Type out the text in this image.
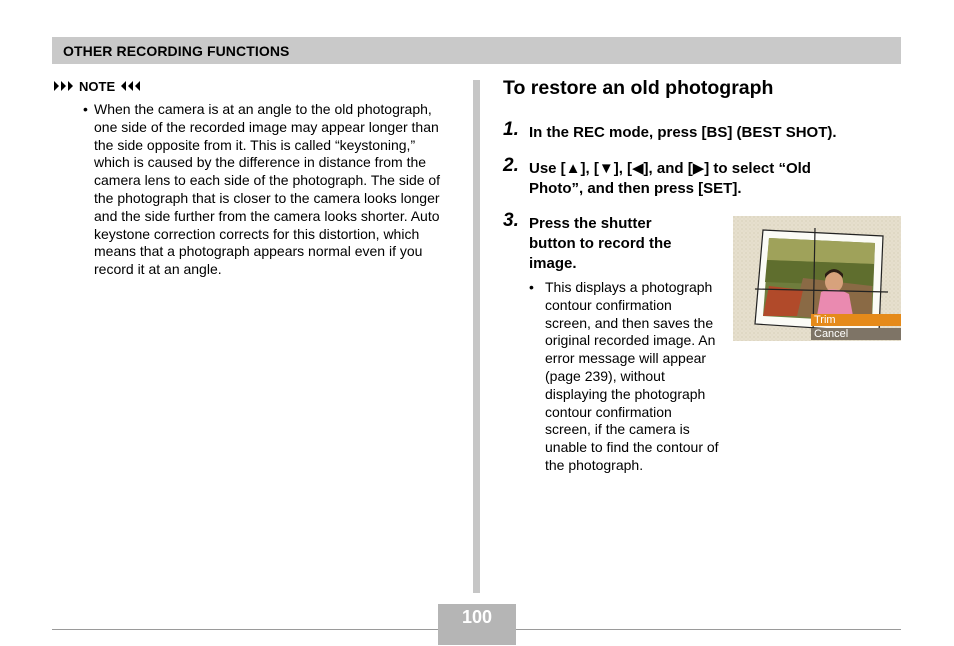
OTHER RECORDING FUNCTIONS
NOTE
• When the camera is at an angle to the old photograph, one side of the recorded image may appear longer than the side opposite from it. This is called “keystoning,” which is caused by the difference in distance from the camera lens to each side of the photograph. The side of the photograph that is closer to the camera looks longer and the side further from the camera looks shorter. Auto keystone correction corrects for this distortion, which means that a photograph appears normal even if you record it at an angle.
To restore an old photograph
1. In the REC mode, press [BS] (BEST SHOT).
2. Use [▲], [▼], [◀], and [▶] to select “Old
Photo”, and then press [SET].
3. Press the shutter
button to record the
image.
• This displays a photograph contour confirmation screen, and then saves the original recorded image. An error message will appear (page 239), without displaying the photograph contour confirmation screen, if the camera is unable to find the contour of the photograph.
Trim
Cancel
100
